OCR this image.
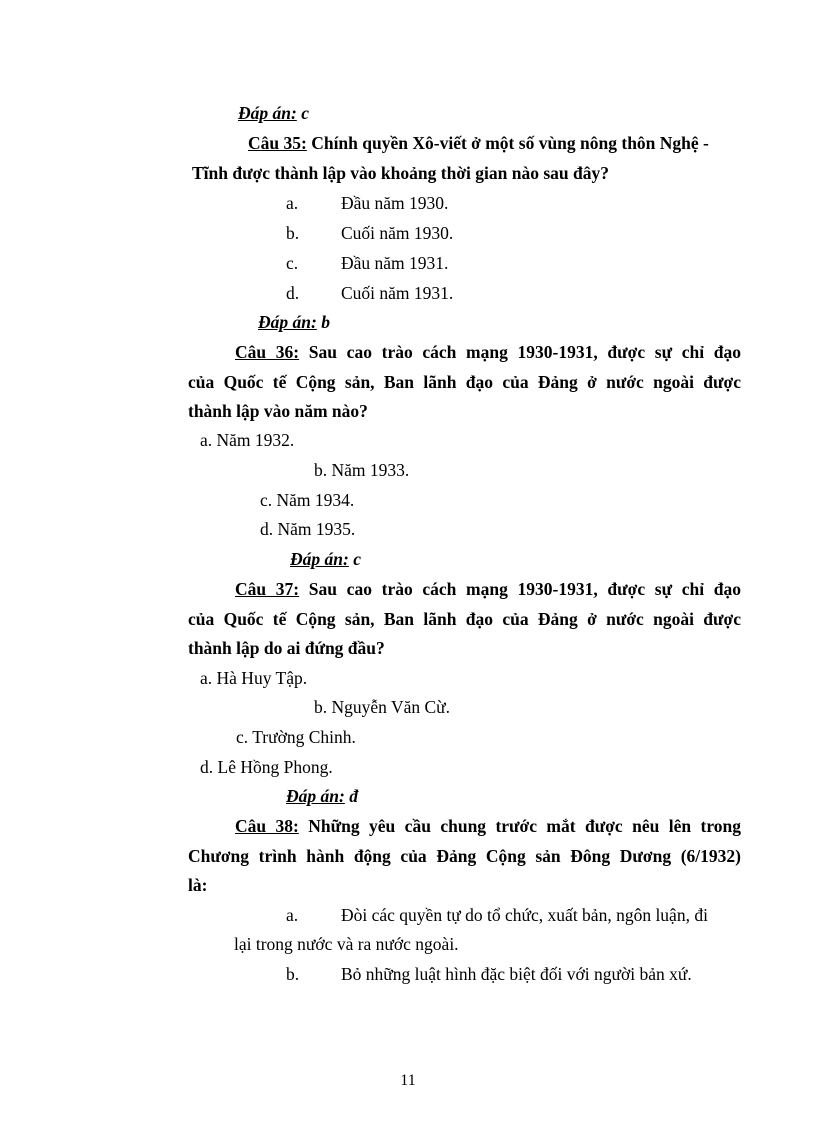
Đáp án: c
Câu 35: Chính quyền Xô-viết ở một số vùng nông thôn Nghệ -
Tĩnh được thành lập vào khoảng thời gian nào sau đây?
a. Đầu năm 1930.
b. Cuối năm 1930.
c. Đầu năm 1931.
d. Cuối năm 1931.
Đáp án: b
Câu 36: Sau cao trào cách mạng 1930-1931, được sự chỉ đạo
của Quốc tế Cộng sản, Ban lãnh đạo của Đảng ở nước ngoài được
thành lập vào năm nào?
a. Năm 1932.
b. Năm 1933.
c. Năm 1934.
d. Năm 1935.
Đáp án: c
Câu 37: Sau cao trào cách mạng 1930-1931, được sự chỉ đạo
của Quốc tế Cộng sản, Ban lãnh đạo của Đảng ở nước ngoài được
thành lập do ai đứng đầu?
a. Hà Huy Tập.
b. Nguyễn Văn Cừ.
c. Trường Chinh.
d. Lê Hồng Phong.
Đáp án: đ
Câu 38: Những yêu cầu chung trước mắt được nêu lên trong
Chương trình hành động của Đảng Cộng sản Đông Dương (6/1932)
là:
a. Đòi các quyền tự do tổ chức, xuất bản, ngôn luận, đi
lại trong nước và ra nước ngoài.
b. Bỏ những luật hình đặc biệt đối với người bản xứ.
11
